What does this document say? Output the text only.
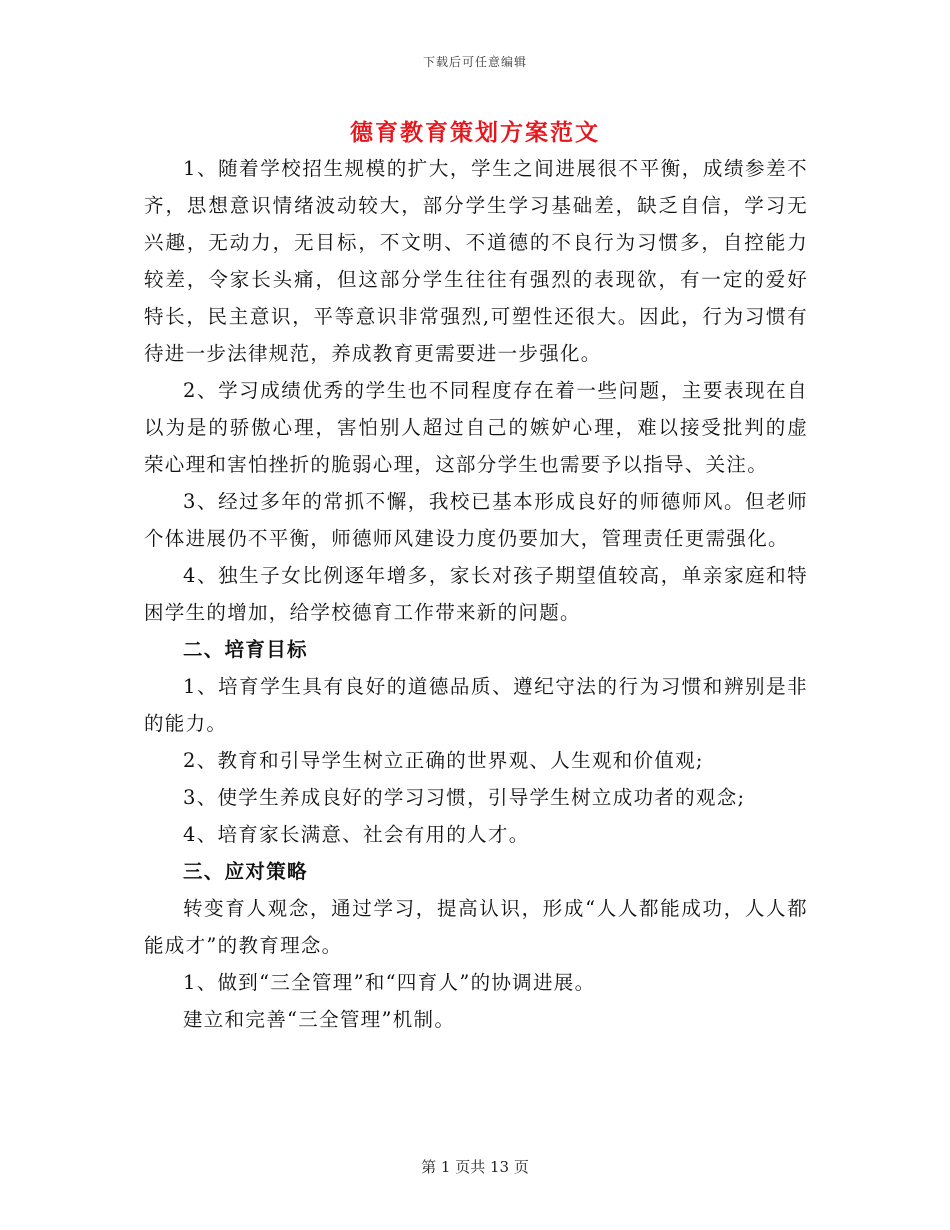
下载后可任意编辑
德育教育策划方案范文

1、随着学校招生规模的扩大，学生之间进展很不平衡，成绩参差不齐，思想意识情绪波动较大，部分学生学习基础差，缺乏自信，学习无兴趣，无动力，无目标，不文明、不道德的不良行为习惯多，自控能力较差，令家长头痛，但这部分学生往往有强烈的表现欲，有一定的爱好特长，民主意识，平等意识非常强烈,可塑性还很大。因此，行为习惯有待进一步法律规范，养成教育更需要进一步强化。

2、学习成绩优秀的学生也不同程度存在着一些问题，主要表现在自以为是的骄傲心理，害怕别人超过自己的嫉妒心理，难以接受批判的虚荣心理和害怕挫折的脆弱心理，这部分学生也需要予以指导、关注。

3、经过多年的常抓不懈，我校已基本形成良好的师德师风。但老师个体进展仍不平衡，师德师风建设力度仍要加大，管理责任更需强化。

4、独生子女比例逐年增多，家长对孩子期望值较高，单亲家庭和特困学生的增加，给学校德育工作带来新的问题。

二、培育目标

1、培育学生具有良好的道德品质、遵纪守法的行为习惯和辨别是非的能力。

2、教育和引导学生树立正确的世界观、人生观和价值观;

3、使学生养成良好的学习习惯，引导学生树立成功者的观念;

4、培育家长满意、社会有用的人才。

三、应对策略

转变育人观念，通过学习，提高认识，形成“人人都能成功，人人都能成才”的教育理念。

1、做到“三全管理”和“四育人”的协调进展。

建立和完善“三全管理”机制。

第 1 页共 13 页
